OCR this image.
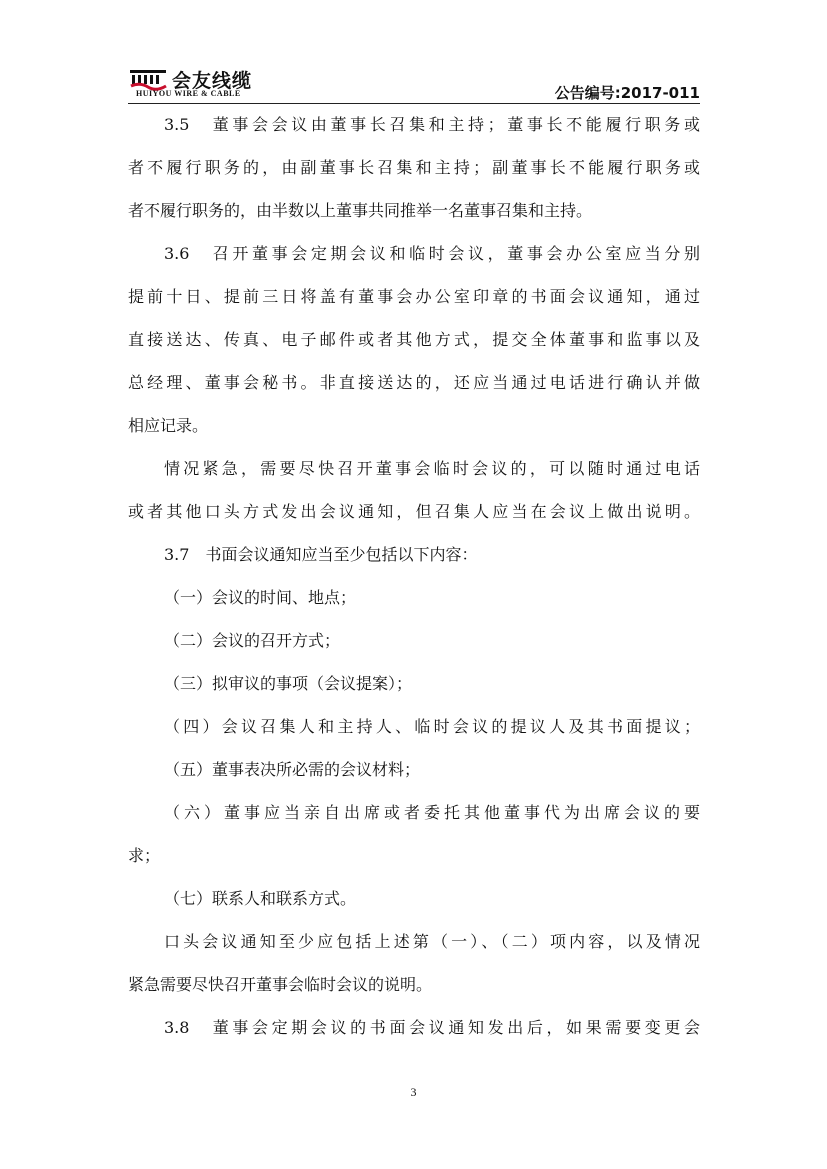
会友线缆
HUIYOU WIRE & CABLE	公告编号:2017-011
3.5　董事会会议由董事长召集和主持；董事长不能履行职务或
者不履行职务的，由副董事长召集和主持；副董事长不能履行职务或
者不履行职务的，由半数以上董事共同推举一名董事召集和主持。
3.6　召开董事会定期会议和临时会议，董事会办公室应当分别
提前十日、提前三日将盖有董事会办公室印章的书面会议通知，通过
直接送达、传真、电子邮件或者其他方式，提交全体董事和监事以及
总经理、董事会秘书。非直接送达的，还应当通过电话进行确认并做
相应记录。
情况紧急，需要尽快召开董事会临时会议的，可以随时通过电话
或者其他口头方式发出会议通知，但召集人应当在会议上做出说明。
3.7　书面会议通知应当至少包括以下内容：
（一）会议的时间、地点；
（二）会议的召开方式；
（三）拟审议的事项（会议提案）；
（四）会议召集人和主持人、临时会议的提议人及其书面提议；
（五）董事表决所必需的会议材料；
（六）董事应当亲自出席或者委托其他董事代为出席会议的要
求；
（七）联系人和联系方式。
口头会议通知至少应包括上述第（一）、（二）项内容，以及情况
紧急需要尽快召开董事会临时会议的说明。
3.8　董事会定期会议的书面会议通知发出后，如果需要变更会
3
